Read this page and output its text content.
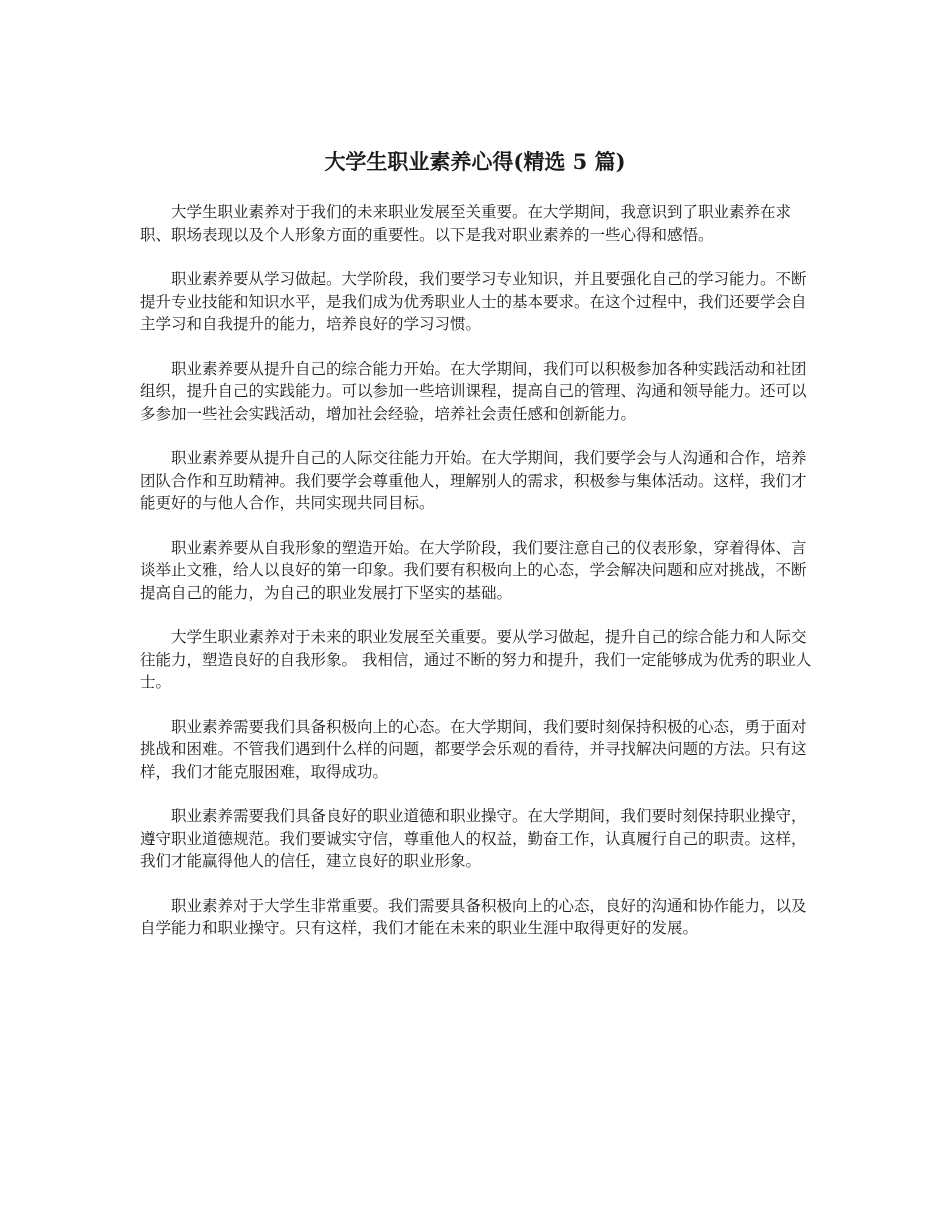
大学生职业素养心得(精选 5 篇)

大学生职业素养对于我们的未来职业发展至关重要。在大学期间，我意识到了职业素养在求职、职场表现以及个人形象方面的重要性。以下是我对职业素养的一些心得和感悟。

职业素养要从学习做起。大学阶段，我们要学习专业知识，并且要强化自己的学习能力。不断提升专业技能和知识水平，是我们成为优秀职业人士的基本要求。在这个过程中，我们还要学会自主学习和自我提升的能力，培养良好的学习习惯。

职业素养要从提升自己的综合能力开始。在大学期间，我们可以积极参加各种实践活动和社团组织，提升自己的实践能力。可以参加一些培训课程，提高自己的管理、沟通和领导能力。还可以多参加一些社会实践活动，增加社会经验，培养社会责任感和创新能力。

职业素养要从提升自己的人际交往能力开始。在大学期间，我们要学会与人沟通和合作，培养团队合作和互助精神。我们要学会尊重他人，理解别人的需求，积极参与集体活动。这样，我们才能更好的与他人合作，共同实现共同目标。

职业素养要从自我形象的塑造开始。在大学阶段，我们要注意自己的仪表形象，穿着得体、言谈举止文雅，给人以良好的第一印象。我们要有积极向上的心态，学会解决问题和应对挑战，不断提高自己的能力，为自己的职业发展打下坚实的基础。

大学生职业素养对于未来的职业发展至关重要。要从学习做起，提升自己的综合能力和人际交往能力，塑造良好的自我形象。 我相信，通过不断的努力和提升，我们一定能够成为优秀的职业人士。

职业素养需要我们具备积极向上的心态。在大学期间，我们要时刻保持积极的心态，勇于面对挑战和困难。不管我们遇到什么样的问题，都要学会乐观的看待，并寻找解决问题的方法。只有这样，我们才能克服困难，取得成功。

职业素养需要我们具备良好的职业道德和职业操守。在大学期间，我们要时刻保持职业操守，遵守职业道德规范。我们要诚实守信，尊重他人的权益，勤奋工作，认真履行自己的职责。这样，我们才能赢得他人的信任，建立良好的职业形象。

职业素养对于大学生非常重要。我们需要具备积极向上的心态，良好的沟通和协作能力，以及自学能力和职业操守。只有这样，我们才能在未来的职业生涯中取得更好的发展。
